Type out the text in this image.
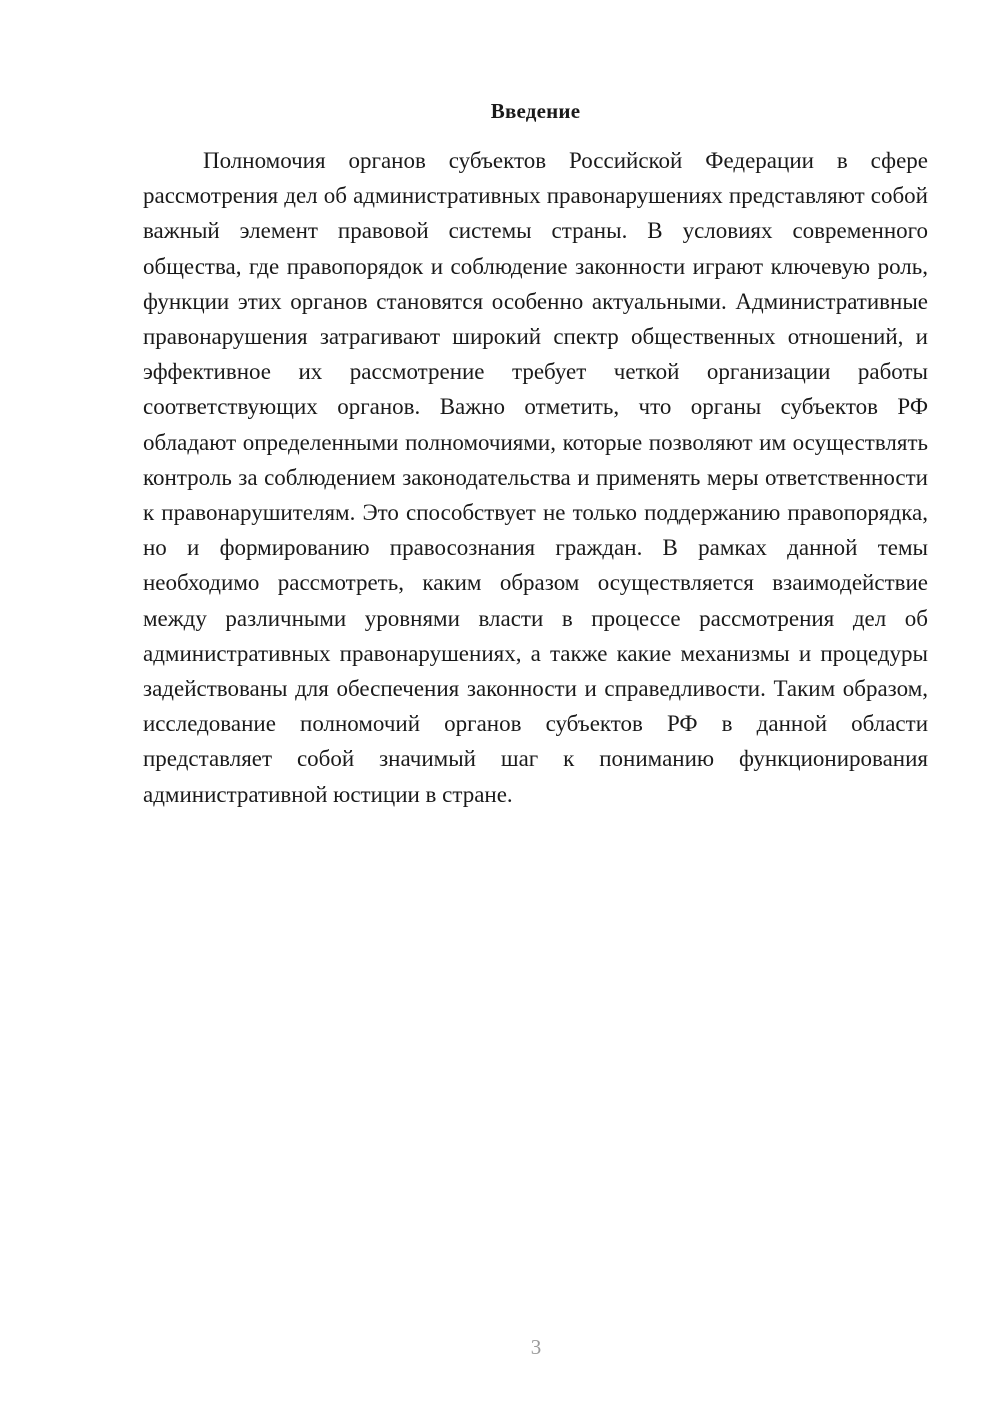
Введение

Полномочия органов субъектов Российской Федерации в сфере рассмотрения дел об административных правонарушениях представляют собой важный элемент правовой системы страны. В условиях современного общества, где правопорядок и соблюдение законности играют ключевую роль, функции этих органов становятся особенно актуальными. Административные правонарушения затрагивают широкий спектр общественных отношений, и эффективное их рассмотрение требует четкой организации работы соответствующих органов. Важно отметить, что органы субъектов РФ обладают определенными полномочиями, которые позволяют им осуществлять контроль за соблюдением законодательства и применять меры ответственности к правонарушителям. Это способствует не только поддержанию правопорядка, но и формированию правосознания граждан. В рамках данной темы необходимо рассмотреть, каким образом осуществляется взаимодействие между различными уровнями власти в процессе рассмотрения дел об административных правонарушениях, а также какие механизмы и процедуры задействованы для обеспечения законности и справедливости. Таким образом, исследование полномочий органов субъектов РФ в данной области представляет собой значимый шаг к пониманию функционирования административной юстиции в стране.

3
